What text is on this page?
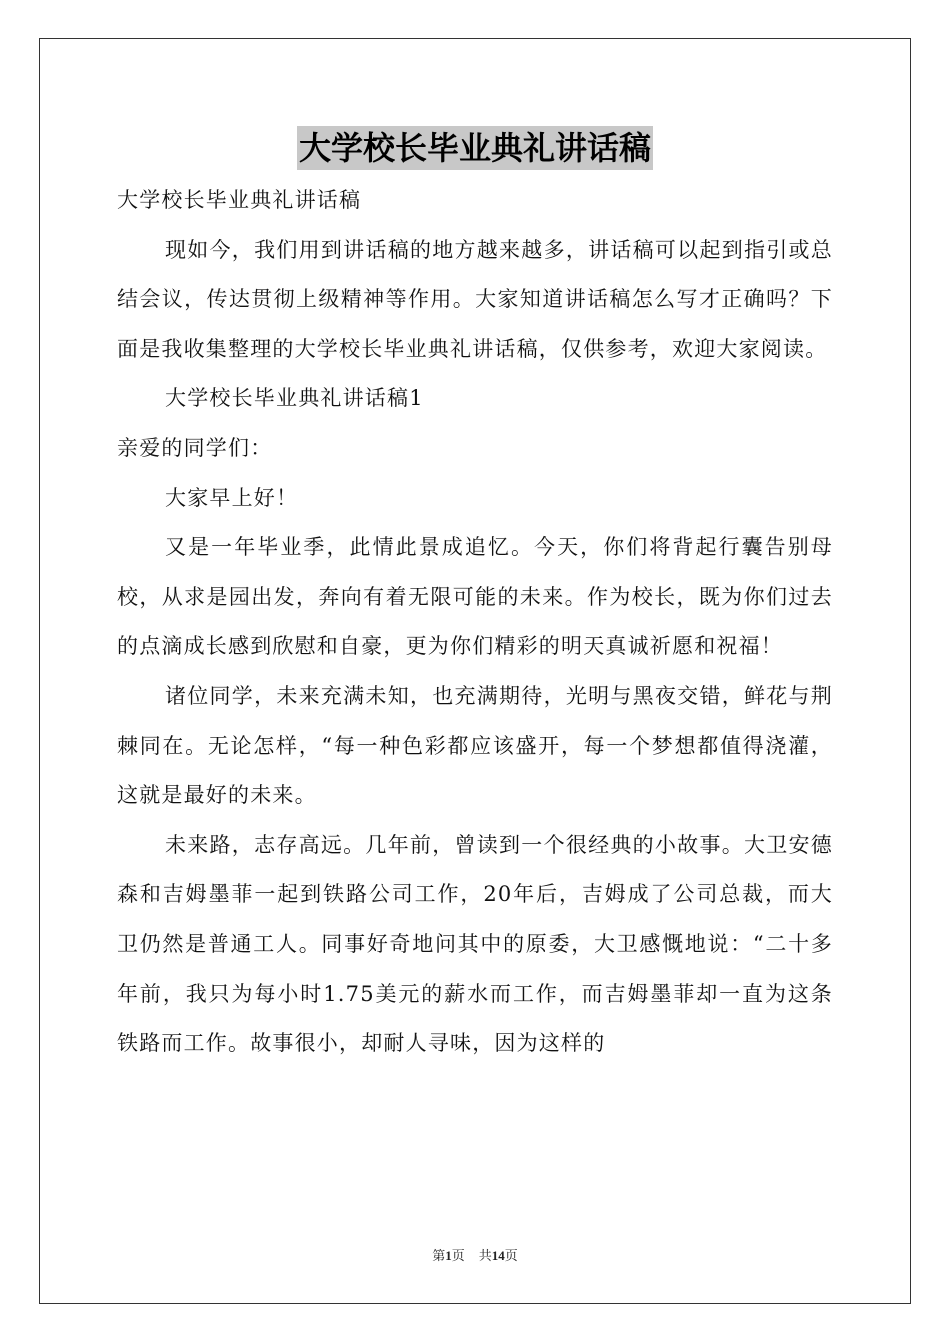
大学校长毕业典礼讲话稿

大学校长毕业典礼讲话稿

现如今，我们用到讲话稿的地方越来越多，讲话稿可以起到指引或总结会议，传达贯彻上级精神等作用。大家知道讲话稿怎么写才正确吗？下面是我收集整理的大学校长毕业典礼讲话稿，仅供参考，欢迎大家阅读。

大学校长毕业典礼讲话稿1

亲爱的同学们：

大家早上好！

又是一年毕业季，此情此景成追忆。今天，你们将背起行囊告别母校，从求是园出发，奔向有着无限可能的未来。作为校长，既为你们过去的点滴成长感到欣慰和自豪，更为你们精彩的明天真诚祈愿和祝福！

诸位同学，未来充满未知，也充满期待，光明与黑夜交错，鲜花与荆棘同在。无论怎样，“每一种色彩都应该盛开，每一个梦想都值得浇灌，这就是最好的未来。

未来路，志存高远。几年前，曾读到一个很经典的小故事。大卫安德森和吉姆墨菲一起到铁路公司工作，20年后，吉姆成了公司总裁，而大卫仍然是普通工人。同事好奇地问其中的原委，大卫感慨地说：“二十多年前，我只为每小时1.75美元的薪水而工作，而吉姆墨菲却一直为这条铁路而工作。故事很小，却耐人寻味，因为这样的

第1页 共14页
